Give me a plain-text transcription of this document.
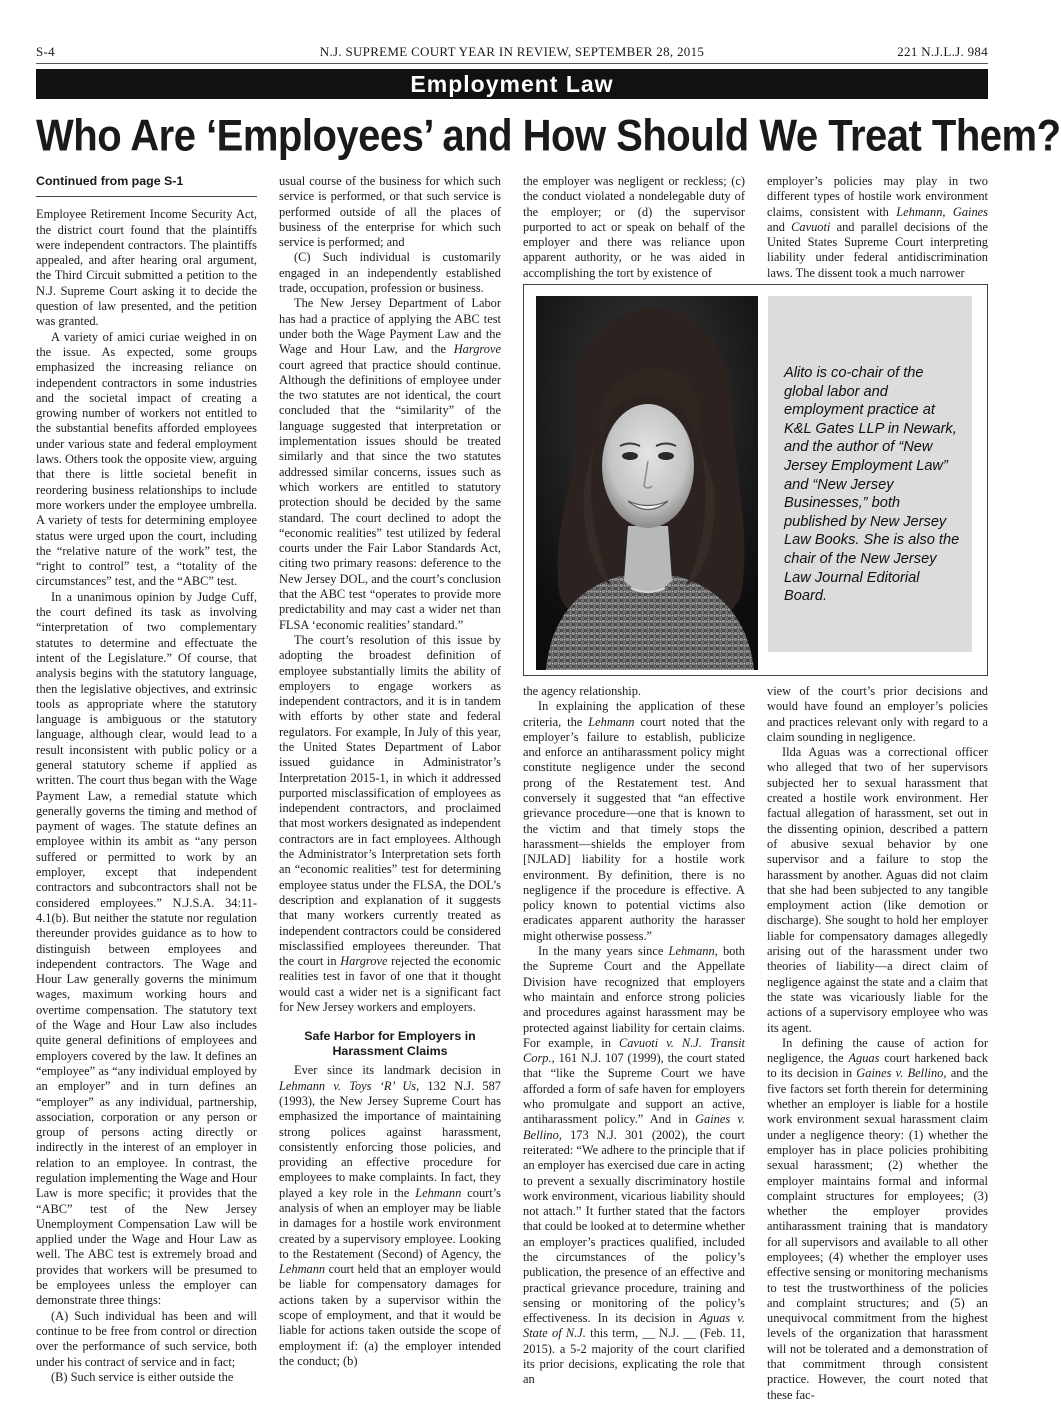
N.J. SUPREME COURT YEAR IN REVIEW, SEPTEMBER 28, 2015
S-4	221 N.J.L.J. 984
Employment Law
Who Are ‘Employees’ and How Should We Treat Them?

Continued from page S-1

Employee Retirement Income Security Act, the district court found that the plaintiffs were independent contractors. The plaintiffs appealed, and after hearing oral argument, the Third Circuit submitted a petition to the N.J. Supreme Court asking it to decide the question of law presented, and the petition was granted.

A variety of amici curiae weighed in on the issue. As expected, some groups emphasized the increasing reliance on independent contractors in some industries and the societal impact of creating a growing number of workers not entitled to the substantial benefits afforded employees under various state and federal employment laws. Others took the opposite view, arguing that there is little societal benefit in reordering business relationships to include more workers under the employee umbrella. A variety of tests for determining employee status were urged upon the court, including the “relative nature of the work” test, the “right to control” test, a “totality of the circumstances” test, and the “ABC” test.

In a unanimous opinion by Judge Cuff, the court defined its task as involving “interpretation of two complementary statutes to determine and effectuate the intent of the Legislature.” Of course, that analysis begins with the statutory language, then the legislative objectives, and extrinsic tools as appropriate where the statutory language is ambiguous or the statutory language, although clear, would lead to a result inconsistent with public policy or a general statutory scheme if applied as written. The court thus began with the Wage Payment Law, a remedial statute which generally governs the timing and method of payment of wages. The statute defines an employee within its ambit as “any person suffered or permitted to work by an employer, except that independent contractors and subcontractors shall not be considered employees.” N.J.S.A. 34:11-4.1(b). But neither the statute nor regulation thereunder provides guidance as to how to distinguish between employees and independent contractors. The Wage and Hour Law generally governs the minimum wages, maximum working hours and overtime compensation. The statutory text of the Wage and Hour Law also includes quite general definitions of employees and employers covered by the law. It defines an “employee” as “any individual employed by an employer” and in turn defines an “employer” as any individual, partnership, association, corporation or any person or group of persons acting directly or indirectly in the interest of an employer in relation to an employee. In contrast, the regulation implementing the Wage and Hour Law is more specific; it provides that the “ABC” test of the New Jersey Unemployment Compensation Law will be applied under the Wage and Hour Law as well. The ABC test is extremely broad and provides that workers will be presumed to be employees unless the employer can demonstrate three things:

(A) Such individual has been and will continue to be free from control or direction over the performance of such service, both under his contract of service and in fact;

(B) Such service is either outside the

usual course of the business for which such service is performed, or that such service is performed outside of all the places of business of the enterprise for which such service is performed; and

(C) Such individual is customarily engaged in an independently established trade, occupation, profession or business.

The New Jersey Department of Labor has had a practice of applying the ABC test under both the Wage Payment Law and the Wage and Hour Law, and the Hargrove court agreed that practice should continue. Although the definitions of employee under the two statutes are not identical, the court concluded that the “similarity” of the language suggested that interpretation or implementation issues should be treated similarly and that since the two statutes addressed similar concerns, issues such as which workers are entitled to statutory protection should be decided by the same standard. The court declined to adopt the “economic realities” test utilized by federal courts under the Fair Labor Standards Act, citing two primary reasons: deference to the New Jersey DOL, and the court’s conclusion that the ABC test “operates to provide more predictability and may cast a wider net than FLSA ‘economic realities’ standard.”

The court’s resolution of this issue by adopting the broadest definition of employee substantially limits the ability of employers to engage workers as independent contractors, and it is in tandem with efforts by other state and federal regulators. For example, In July of this year, the United States Department of Labor issued guidance in Administrator’s Interpretation 2015-1, in which it addressed purported misclassification of employees as independent contractors, and proclaimed that most workers designated as independent contractors are in fact employees. Although the Administrator’s Interpretation sets forth an “economic realities” test for determining employee status under the FLSA, the DOL’s description and explanation of it suggests that many workers currently treated as independent contractors could be considered misclassified employees thereunder. That the court in Hargrove rejected the economic realities test in favor of one that it thought would cast a wider net is a significant fact for New Jersey workers and employers.

Safe Harbor for Employers in Harassment Claims

Ever since its landmark decision in Lehmann v. Toys ‘R’ Us, 132 N.J. 587 (1993), the New Jersey Supreme Court has emphasized the importance of maintaining strong polices against harassment, consistently enforcing those policies, and providing an effective procedure for employees to make complaints. In fact, they played a key role in the Lehmann court’s analysis of when an employer may be liable in damages for a hostile work environment created by a supervisory employee. Looking to the Restatement (Second) of Agency, the Lehmann court held that an employer would be liable for compensatory damages for actions taken by a supervisor within the scope of employment, and that it would be liable for actions taken outside the scope of employment if: (a) the employer intended the conduct; (b)

the employer was negligent or reckless; (c) the conduct violated a nondelegable duty of the employer; or (d) the supervisor purported to act or speak on behalf of the employer and there was reliance upon apparent authority, or he was aided in accomplishing the tort by existence of

employer’s policies may play in two different types of hostile work environment claims, consistent with Lehmann, Gaines and Cavuoti and parallel decisions of the United States Supreme Court interpreting liability under federal antidiscrimination laws. The dissent took a much narrower

Alito is co-chair of the global labor and employment practice at K&L Gates LLP in Newark, and the author of “New Jersey Employment Law” and “New Jersey Businesses,” both published by New Jersey Law Books. She is also the chair of the New Jersey Law Journal Editorial Board.

the agency relationship.

In explaining the application of these criteria, the Lehmann court noted that the employer’s failure to establish, publicize and enforce an antiharassment policy might constitute negligence under the second prong of the Restatement test. And conversely it suggested that “an effective grievance procedure—one that is known to the victim and that timely stops the harassment—shields the employer from [NJLAD] liability for a hostile work environment. By definition, there is no negligence if the procedure is effective. A policy known to potential victims also eradicates apparent authority the harasser might otherwise possess.”

In the many years since Lehmann, both the Supreme Court and the Appellate Division have recognized that employers who maintain and enforce strong policies and procedures against harassment may be protected against liability for certain claims. For example, in Cavuoti v. N.J. Transit Corp., 161 N.J. 107 (1999), the court stated that “like the Supreme Court we have afforded a form of safe haven for employers who promulgate and support an active, antiharassment policy.” And in Gaines v. Bellino, 173 N.J. 301 (2002), the court reiterated: “We adhere to the principle that if an employer has exercised due care in acting to prevent a sexually discriminatory hostile work environment, vicarious liability should not attach.” It further stated that the factors that could be looked at to determine whether an employer’s practices qualified, included the circumstances of the policy’s publication, the presence of an effective and practical grievance procedure, training and sensing or monitoring of the policy’s effectiveness. In its decision in Aguas v. State of N.J. this term, __ N.J. __ (Feb. 11, 2015). a 5-2 majority of the court clarified its prior decisions, explicating the role that an

view of the court’s prior decisions and would have found an employer’s policies and practices relevant only with regard to a claim sounding in negligence.

Ilda Aguas was a correctional officer who alleged that two of her supervisors subjected her to sexual harassment that created a hostile work environment. Her factual allegation of harassment, set out in the dissenting opinion, described a pattern of abusive sexual behavior by one supervisor and a failure to stop the harassment by another. Aguas did not claim that she had been subjected to any tangible employment action (like demotion or discharge). She sought to hold her employer liable for compensatory damages allegedly arising out of the harassment under two theories of liability—a direct claim of negligence against the state and a claim that the state was vicariously liable for the actions of a supervisory employee who was its agent.

In defining the cause of action for negligence, the Aguas court harkened back to its decision in Gaines v. Bellino, and the five factors set forth therein for determining whether an employer is liable for a hostile work environment sexual harassment claim under a negligence theory: (1) whether the employer has in place policies prohibiting sexual harassment; (2) whether the employer maintains formal and informal complaint structures for employees; (3) whether the employer provides antiharassment training that is mandatory for all supervisors and available to all other employees; (4) whether the employer uses effective sensing or monitoring mechanisms to test the trustworthiness of the policies and complaint structures; and (5) an unequivocal commitment from the highest levels of the organization that harassment will not be tolerated and a demonstration of that commitment through consistent practice. However, the court noted that these fac-
